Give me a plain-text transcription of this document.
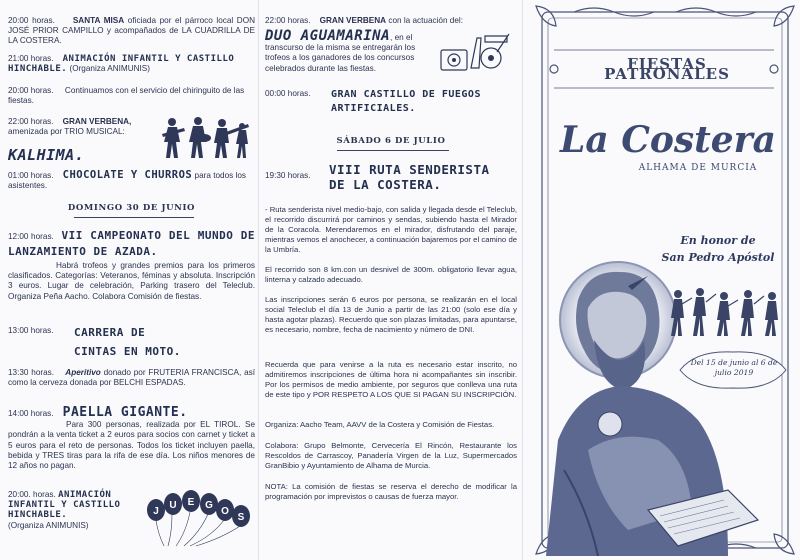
20:00 horas. SANTA MISA oficiada por el párroco local DON JOSÉ PRIOR CAMPILLO y acompañados de LA CUADRILLA DE LA COSTERA.
21:00 horas. ANIMACIÓN INFANTIL Y CASTILLO HINCHABLE. (Organiza ANIMUNIS)
20:00 horas. Continuamos con el servicio del chiringuito de las fiestas.
22:00 horas. GRAN VERBENA, amenizada por TRIO MUSICAL:
KALHIMA.
01:00 horas. CHOCOLATE Y CHURROS para todos los asistentes.
DOMINGO 30 DE JUNIO
12:00 horas. VII CAMPEONATO DEL MUNDO DE LANZAMIENTO DE AZADA.
Habrá trofeos y grandes premios para los primeros clasificados. Categorías: Veteranos, féminas y absoluta. Inscripción 3 euros. Lugar de celebración, Parking trasero del Teleclub. Organiza Peña Aacho. Colabora Comisión de fiestas.
13:00 horas. CARRERA DE CINTAS EN MOTO.
13:30 horas. Aperitivo donado por FRUTERIA FRANCISCA, así como la cerveza donada por BELCHI ESPADAS.
14:00 horas. PAELLA GIGANTE.
Para 300 personas, realizada por EL TIROL. Se pondrán a la venta ticket a 2 euros para socios con carnet y ticket a 5 euros para el reto de personas. Todos los ticket incluyen paella, bebida y TRES tiras para la rifa de ese día. Los niños menores de 12 años no pagan.
20:00. horas. ANIMACIÓN INFANTIL Y CASTILLO HINCHABLE.
(Organiza ANIMUNIS)
J
U E G
O
S
22:00 horas. GRAN VERBENA con la actuación del:
DUO AGUAMARINA, en el transcurso de la misma se entregarán los trofeos a los ganadores de los concursos celebrados durante las fiestas.
00:00 horas. GRAN CASTILLO DE FUEGOS ARTIFICIALES.
SÁBADO 6 DE JULIO
19:30 horas. VIII RUTA SENDERISTA DE LA COSTERA.
- Ruta senderista nivel medio-bajo, con salida y llegada desde el Teleclub, el recorrido discurrirá por caminos y sendas, subiendo hasta el Mirador de la Coracola. Merendaremos en el mirador, disfrutando del paraje, mientras vemos el anochecer, a continuación bajaremos por el camino de la Umbría.
El recorrido son 8 km.con un desnivel de 300m. obligatorio llevar agua, linterna y calzado adecuado.
Las inscripciones serán 6 euros por persona, se realizarán en el local social Teleclub el día 13 de Junio a partir de las 21:00 (solo ese día y hasta agotar plazas). Recuerdo que son plazas limitadas, para apuntarse, es necesario, nombre, fecha de nacimiento y número de DNI.
Recuerda que para venirse a la ruta es necesario estar inscrito, no admitiremos inscripciones de última hora ni acompañantes sin inscribir. Por los permisos de medio ambiente, por seguros que conlleva una ruta de este tipo y POR RESPETO A LOS QUE SI PAGAN SU INSCRIPCIÓN.
Organiza: Aacho Team, AAVV de la Costera y Comisión de Fiestas.
Colabora: Grupo Belmonte, Cervecería El Rincón, Restaurante los Rescoldos de Carrascoy, Panadería Virgen de la Luz, Supermercados GranBibio y Ayuntamiento de Alhama de Murcia.
NOTA: La comisión de fiestas se reserva el derecho de modificar la programación por imprevistos o causas de fuerza mayor.
FIESTAS PATRONALES
La Costera
ALHAMA DE MURCIA
En honor de
San Pedro Apóstol
Del 15 de junio al 6 de julio 2019
